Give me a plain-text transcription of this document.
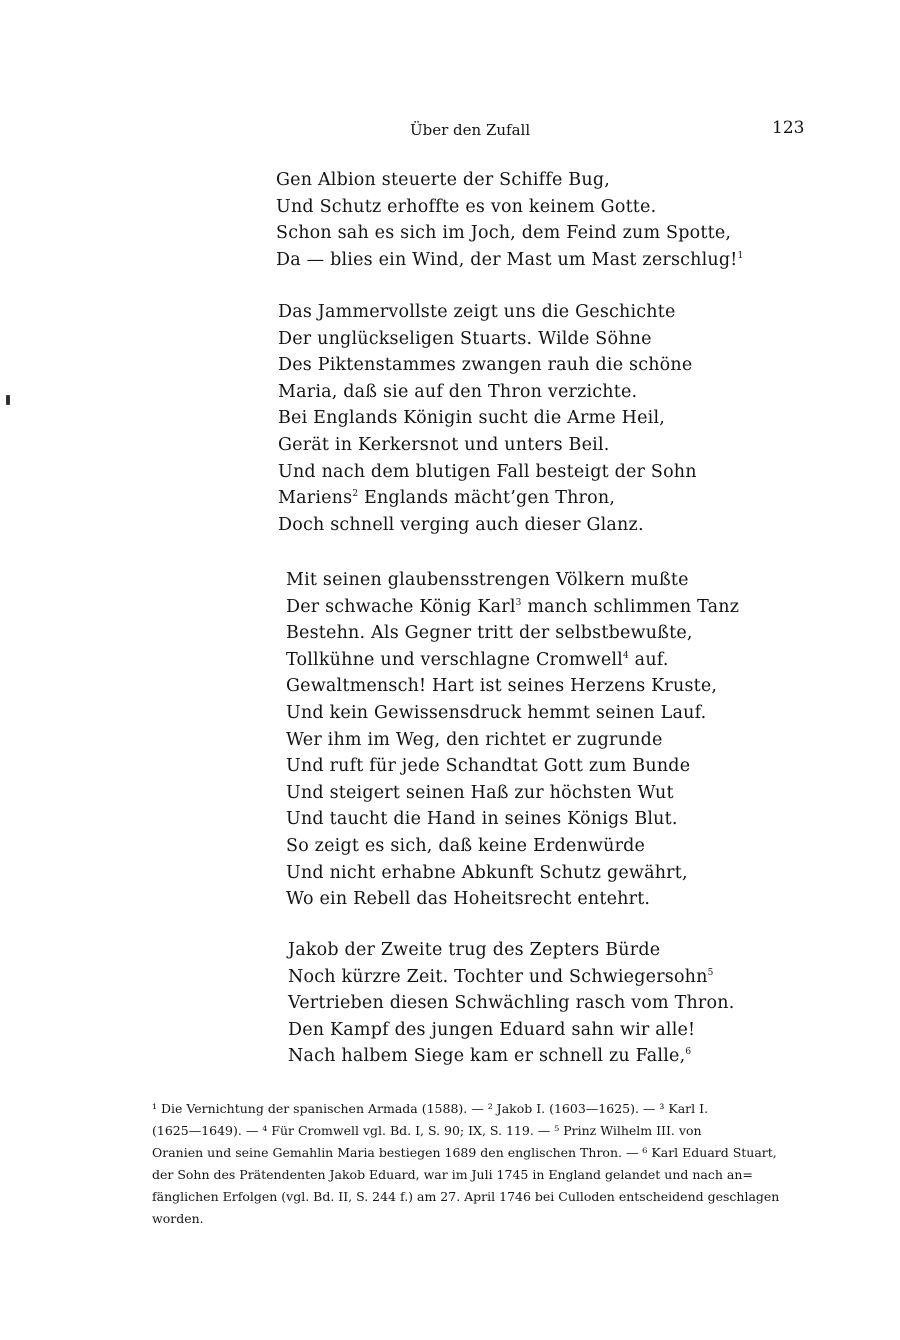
Über den Zufall	123
Gen Albion steuerte der Schiffe Bug,
Und Schutz erhoffte es von keinem Gotte.
Schon sah es sich im Joch, dem Feind zum Spotte,
Da — blies ein Wind, der Mast um Mast zerschlug!$^1$
Das Jammervollste zeigt uns die Geschichte
Der unglückseligen Stuarts. Wilde Söhne
Des Piktenstammes zwangen rauh die schöne
Maria, daß sie auf den Thron verzichte.
Bei Englands Königin sucht die Arme Heil,
Gerät in Kerkersnot und unters Beil.
Und nach dem blutigen Fall besteigt der Sohn
Mariens$^2$ Englands mächt’gen Thron,
Doch schnell verging auch dieser Glanz.
Mit seinen glaubensstrengen Völkern mußte
Der schwache König Karl$^3$ manch schlimmen Tanz
Bestehn. Als Gegner tritt der selbstbewußte,
Tollkühne und verschlagne Cromwell$^4$ auf.
Gewaltmensch! Hart ist seines Herzens Kruste,
Und kein Gewissensdruck hemmt seinen Lauf.
Wer ihm im Weg, den richtet er zugrunde
Und ruft für jede Schandtat Gott zum Bunde
Und steigert seinen Haß zur höchsten Wut
Und taucht die Hand in seines Königs Blut.
So zeigt es sich, daß keine Erdenwürde
Und nicht erhabne Abkunft Schutz gewährt,
Wo ein Rebell das Hoheitsrecht entehrt.
Jakob der Zweite trug des Zepters Bürde
Noch kürzre Zeit. Tochter und Schwiegersohn$^5$
Vertrieben diesen Schwächling rasch vom Thron.
Den Kampf des jungen Eduard sahn wir alle!
Nach halbem Siege kam er schnell zu Falle,$^6$
¹ Die Vernichtung der spanischen Armada (1588). — ² Jakob I. (1603—1625). — ³ Karl I.
(1625—1649). — ⁴ Für Cromwell vgl. Bd. I, S. 90; IX, S. 119. — ⁵ Prinz Wilhelm III. von
Oranien und seine Gemahlin Maria bestiegen 1689 den englischen Thron. — ⁶ Karl Eduard Stuart,
der Sohn des Prätendenten Jakob Eduard, war im Juli 1745 in England gelandet und nach an=
fänglichen Erfolgen (vgl. Bd. II, S. 244 f.) am 27. April 1746 bei Culloden entscheidend geschlagen
worden.
